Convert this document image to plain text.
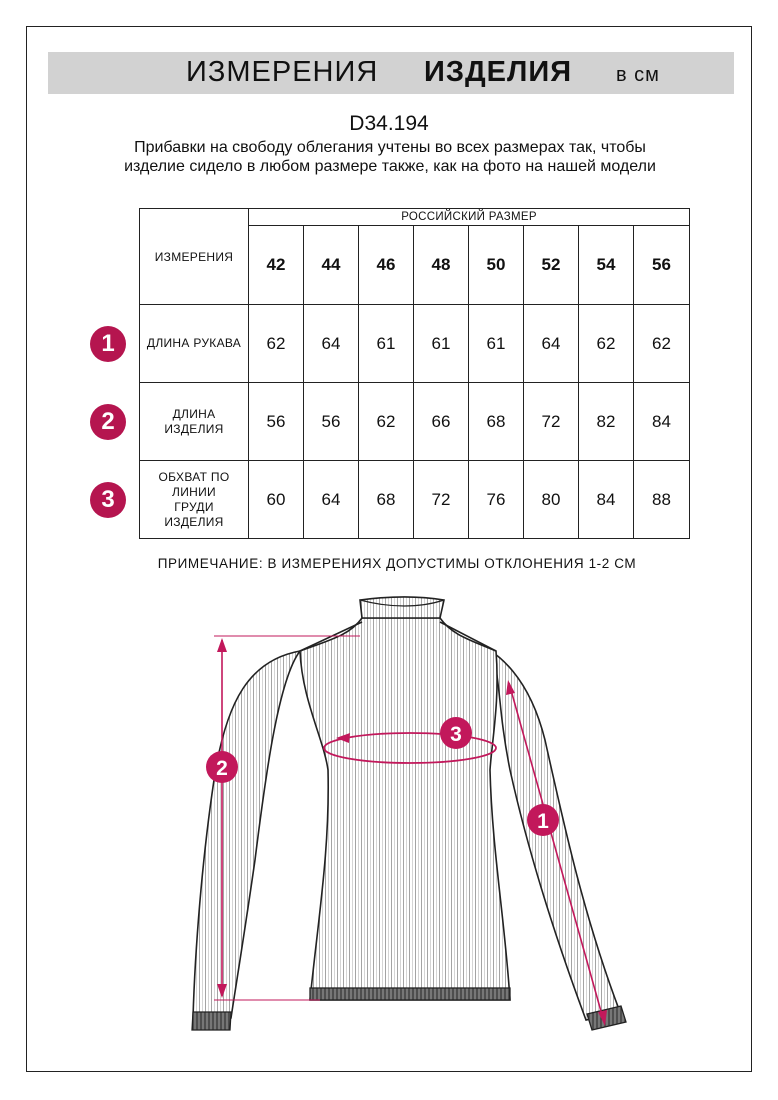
ИЗМЕРЕНИЯ ИЗДЕЛИЯ в см
D34.194
Прибавки на свободу облегания учтены во всех размерах так, чтобы изделие сидело в любом размере также, как на фото на нашей модели
ИЗМЕРЕНИЯ	РОССИЙСКИЙ РАЗМЕР							
	42	44	46	48	50	52	54	56
ДЛИНА РУКАВА	62	64	61	61	61	64	62	62
ДЛИНА ИЗДЕЛИЯ	56	56	62	66	68	72	82	84
ОБХВАТ ПО ЛИНИИ ГРУДИ ИЗДЕЛИЯ	60	64	68	72	76	80	84	88
1
2
3
ПРИМЕЧАНИЕ: В ИЗМЕРЕНИЯХ ДОПУСТИМЫ ОТКЛОНЕНИЯ 1-2 СМ
2
3
1
